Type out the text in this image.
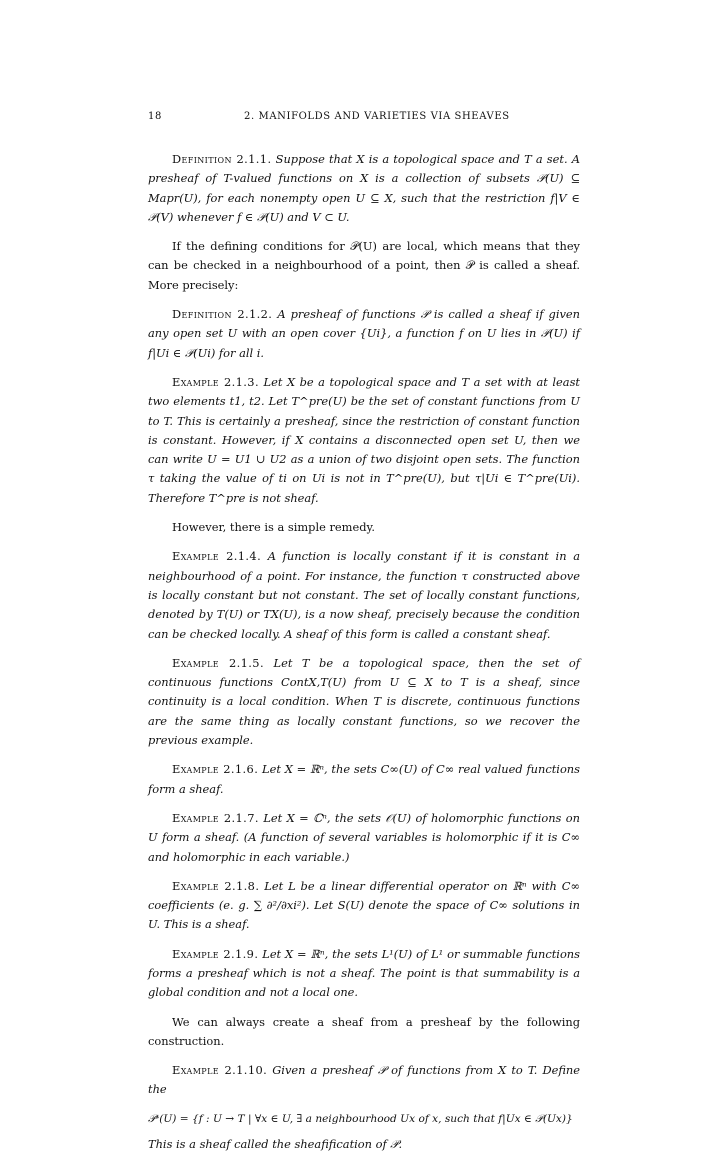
18	2. MANIFOLDS AND VARIETIES VIA SHEAVES

Definition 2.1.1. Suppose that X is a topological space and T a set. A presheaf of T-valued functions on X is a collection of subsets 𝒫(U) ⊆ Mapr(U), for each nonempty open U ⊆ X, such that the restriction f|V ∈ 𝒫(V) whenever f ∈ 𝒫(U) and V ⊂ U.

If the defining conditions for 𝒫(U) are local, which means that they can be checked in a neighbourhood of a point, then 𝒫 is called a sheaf. More precisely:

Definition 2.1.2. A presheaf of functions 𝒫 is called a sheaf if given any open set U with an open cover {Ui}, a function f on U lies in 𝒫(U) if f|Ui ∈ 𝒫(Ui) for all i.

Example 2.1.3. Let X be a topological space and T a set with at least two elements t1, t2. Let T^pre(U) be the set of constant functions from U to T. This is certainly a presheaf, since the restriction of constant function is constant. However, if X contains a disconnected open set U, then we can write U = U1 ∪ U2 as a union of two disjoint open sets. The function τ taking the value of ti on Ui is not in T^pre(U), but τ|Ui ∈ T^pre(Ui). Therefore T^pre is not sheaf.

However, there is a simple remedy.

Example 2.1.4. A function is locally constant if it is constant in a neighbourhood of a point. For instance, the function τ constructed above is locally constant but not constant. The set of locally constant functions, denoted by T(U) or TX(U), is a now sheaf, precisely because the condition can be checked locally. A sheaf of this form is called a constant sheaf.

Example 2.1.5. Let T be a topological space, then the set of continuous functions ContX,T(U) from U ⊆ X to T is a sheaf, since continuity is a local condition. When T is discrete, continuous functions are the same thing as locally constant functions, so we recover the previous example.

Example 2.1.6. Let X = ℝⁿ, the sets C∞(U) of C∞ real valued functions form a sheaf.

Example 2.1.7. Let X = ℂⁿ, the sets 𝒪(U) of holomorphic functions on U form a sheaf. (A function of several variables is holomorphic if it is C∞ and holomorphic in each variable.)

Example 2.1.8. Let L be a linear differential operator on ℝⁿ with C∞ coefficients (e. g. ∑ ∂²/∂xi²). Let S(U) denote the space of C∞ solutions in U. This is a sheaf.

Example 2.1.9. Let X = ℝⁿ, the sets L¹(U) of L¹ or summable functions forms a presheaf which is not a sheaf. The point is that summability is a global condition and not a local one.

We can always create a sheaf from a presheaf by the following construction.

Example 2.1.10. Given a presheaf 𝒫 of functions from X to T. Define the

𝒫ˢ(U) = {f : U → T | ∀x ∈ U, ∃ a neighbourhood Ux of x, such that f|Ux ∈ 𝒫(Ux)}

This is a sheaf called the sheafification of 𝒫.
